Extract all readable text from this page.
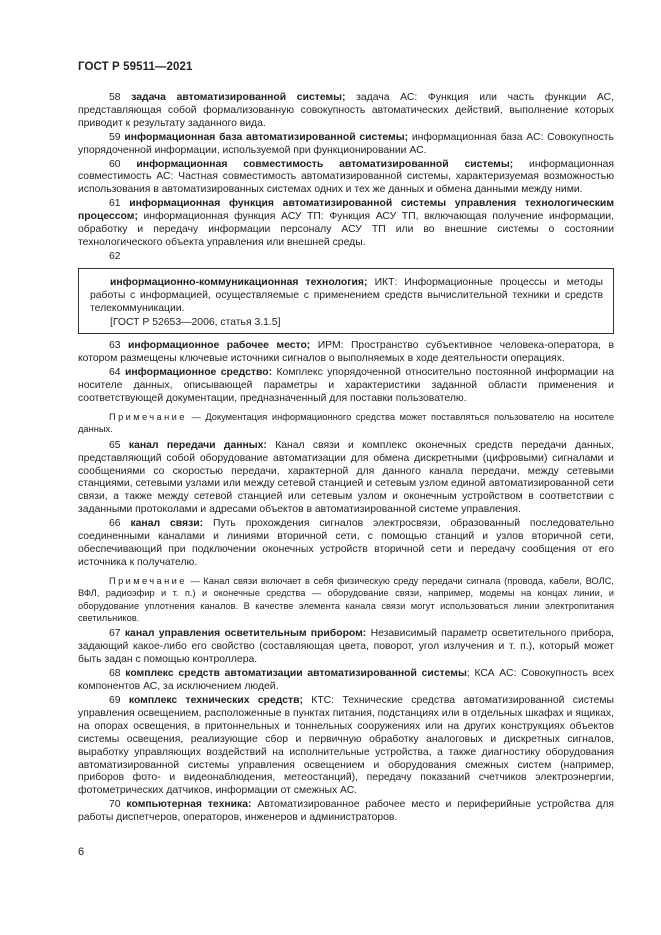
ГОСТ Р 59511—2021

58 задача автоматизированной системы; задача АС: Функция или часть функции АС, представляющая собой формализованную совокупность автоматических действий, выполнение которых приводит к результату заданного вида.

59 информационная база автоматизированной системы; информационная база АС: Совокупность упорядоченной информации, используемой при функционировании АС.

60 информационная совместимость автоматизированной системы; информационная совместимость АС: Частная совместимость автоматизированной системы, характеризуемая возможностью использования в автоматизированных системах одних и тех же данных и обмена данными между ними.

61 информационная функция автоматизированной системы управления технологическим процессом; информационная функция АСУ ТП: Функция АСУ ТП, включающая получение информации, обработку и передачу информации персоналу АСУ ТП или во внешние системы о состоянии технологического объекта управления или внешней среды.

62

информационно-коммуникационная технология; ИКТ: Информационные процессы и методы работы с информацией, осуществляемые с применением средств вычислительной техники и средств телекоммуникации.

[ГОСТ Р 52653—2006, статья 3.1.5]

63 информационное рабочее место; ИРМ: Пространство субъективное человека-оператора, в котором размещены ключевые источники сигналов о выполняемых в ходе деятельности операциях.

64 информационное средство: Комплекс упорядоченной относительно постоянной информации на носителе данных, описывающей параметры и характеристики заданной области применения и соответствующей документации, предназначенный для поставки пользователю.

Примечание — Документация информационного средства может поставляться пользователю на носителе данных.

65 канал передачи данных: Канал связи и комплекс оконечных средств передачи данных, представляющий собой оборудование автоматизации для обмена дискретными (цифровыми) сигналами и сообщениями со скоростью передачи, характерной для данного канала передачи, между сетевыми станциями, сетевыми узлами или между сетевой станцией и сетевым узлом единой автоматизированной сети связи, а также между сетевой станцией или сетевым узлом и оконечным устройством в соответствии с заданными протоколами и адресами объектов в автоматизированной системе управления.

66 канал связи: Путь прохождения сигналов электросвязи, образованный последовательно соединенными каналами и линиями вторичной сети, с помощью станций и узлов вторичной сети, обеспечивающий при подключении оконечных устройств вторичной сети и передачу сообщения от его источника к получателю.

Примечание — Канал связи включает в себя физическую среду передачи сигнала (провода, кабели, ВОЛС, ВФЛ, радиоэфир и т. п.) и оконечные средства — оборудование связи, например, модемы на концах линии, и оборудование уплотнения каналов. В качестве элемента канала связи могут использоваться линии электропитания светильников.

67 канал управления осветительным прибором: Независимый параметр осветительного прибора, задающий какое-либо его свойство (составляющая цвета, поворот, угол излучения и т. п.), который может быть задан с помощью контроллера.

68 комплекс средств автоматизации автоматизированной системы; КСА АС: Совокупность всех компонентов АС, за исключением людей.

69 комплекс технических средств; КТС: Технические средства автоматизированной системы управления освещением, расположенные в пунктах питания, подстанциях или в отдельных шкафах и ящиках, на опорах освещения, в притоннельных и тоннельных сооружениях или на других конструкциях объектов системы освещения, реализующие сбор и первичную обработку аналоговых и дискретных сигналов, выработку управляющих воздействий на исполнительные устройства, а также диагностику оборудования автоматизированной системы управления освещением и оборудования смежных систем (например, приборов фото- и видеонаблюдения, метеостанций), передачу показаний счетчиков электроэнергии, фотометрических датчиков, информации от смежных АС.

70 компьютерная техника: Автоматизированное рабочее место и периферийные устройства для работы диспетчеров, операторов, инженеров и администраторов.

6
